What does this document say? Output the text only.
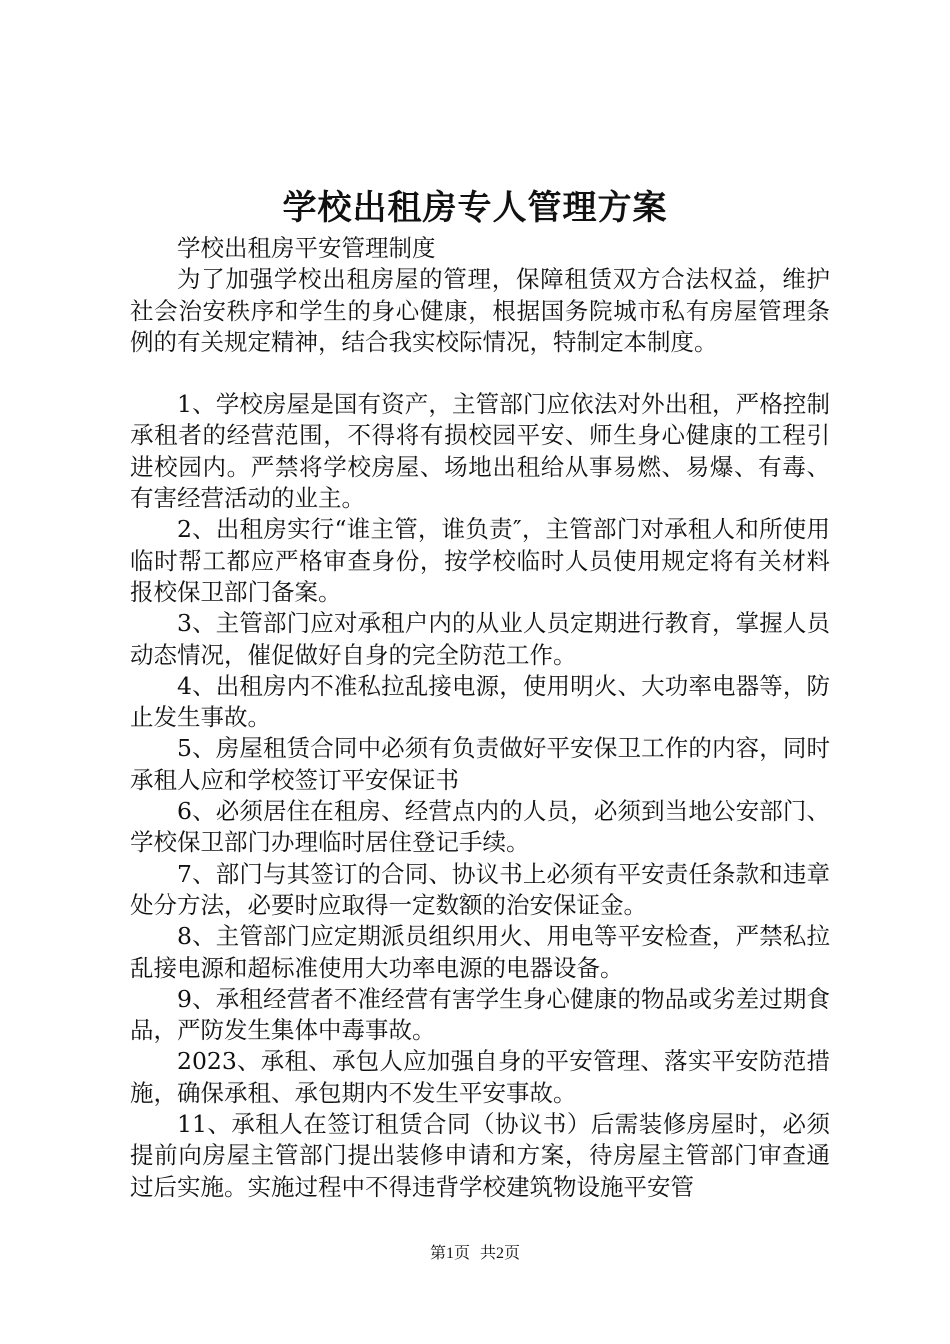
学校出租房专人管理方案

学校出租房平安管理制度

为了加强学校出租房屋的管理，保障租赁双方合法权益，维护社会治安秩序和学生的身心健康，根据国务院城市私有房屋管理条例的有关规定精神，结合我实校际情况，特制定本制度。

1、学校房屋是国有资产，主管部门应依法对外出租，严格控制承租者的经营范围，不得将有损校园平安、师生身心健康的工程引进校园内。严禁将学校房屋、场地出租给从事易燃、易爆、有毒、有害经营活动的业主。

2、出租房实行“谁主管，谁负责″，主管部门对承租人和所使用临时帮工都应严格审查身份，按学校临时人员使用规定将有关材料报校保卫部门备案。

3、主管部门应对承租户内的从业人员定期进行教育，掌握人员动态情况，催促做好自身的完全防范工作。

4、出租房内不准私拉乱接电源，使用明火、大功率电器等，防止发生事故。

5、房屋租赁合同中必须有负责做好平安保卫工作的内容，同时承租人应和学校签订平安保证书

6、必须居住在租房、经营点内的人员，必须到当地公安部门、学校保卫部门办理临时居住登记手续。

7、部门与其签订的合同、协议书上必须有平安责任条款和违章处分方法，必要时应取得一定数额的治安保证金。

8、主管部门应定期派员组织用火、用电等平安检查，严禁私拉乱接电源和超标准使用大功率电源的电器设备。

9、承租经营者不准经营有害学生身心健康的物品或劣差过期食品，严防发生集体中毒事故。

2023、承租、承包人应加强自身的平安管理、落实平安防范措施，确保承租、承包期内不发生平安事故。

11、承租人在签订租赁合同（协议书）后需装修房屋时，必须提前向房屋主管部门提出装修申请和方案，待房屋主管部门审查通过后实施。实施过程中不得违背学校建筑物设施平安管

第1页 共2页
